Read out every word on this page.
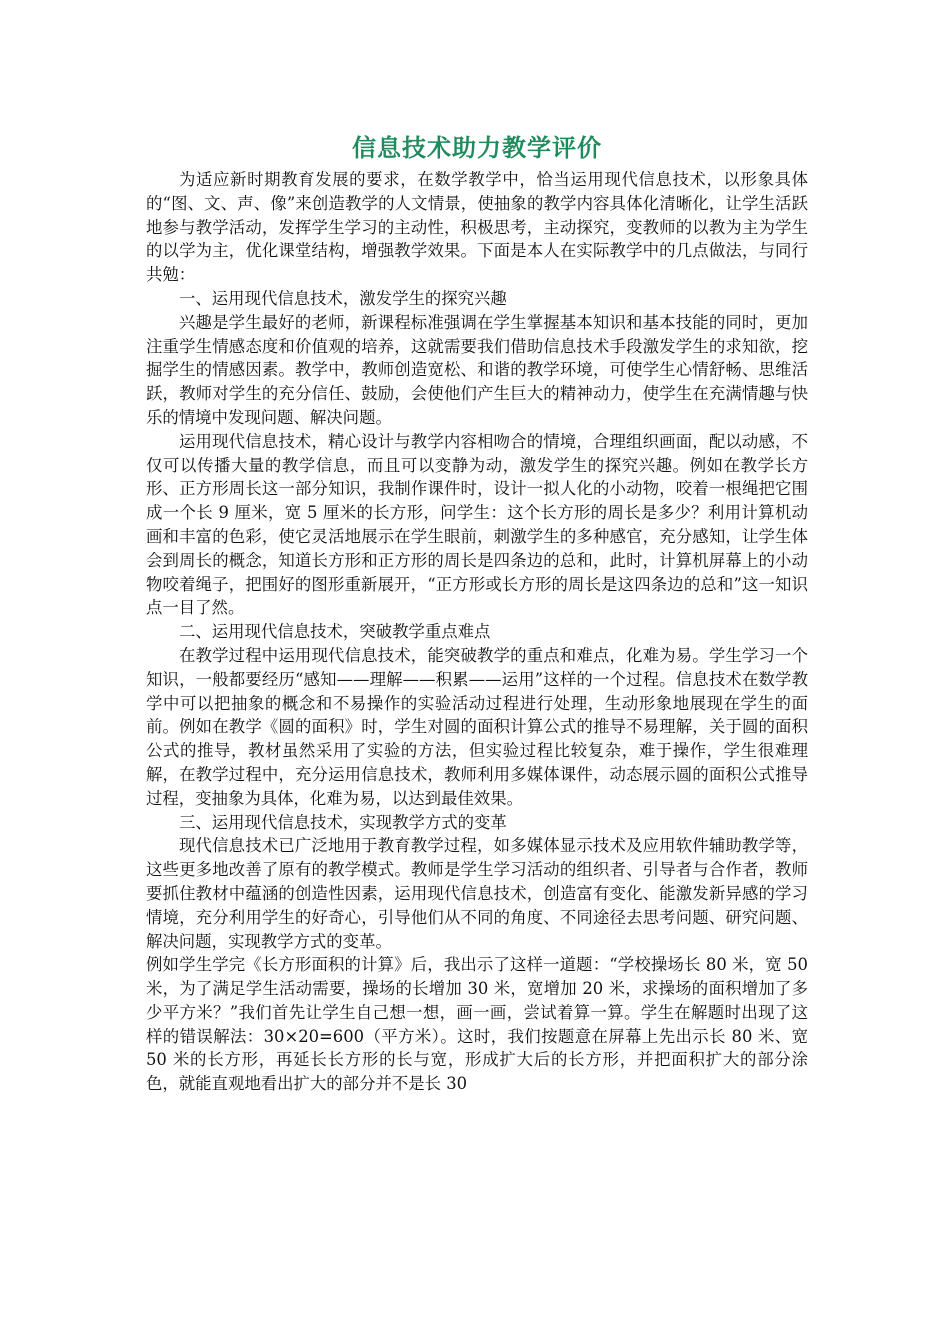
信息技术助力教学评价

为适应新时期教育发展的要求，在数学教学中，恰当运用现代信息技术，以形象具体的“图、文、声、像”来创造教学的人文情景，使抽象的教学内容具体化清晰化，让学生活跃地参与教学活动，发挥学生学习的主动性，积极思考，主动探究，变教师的以教为主为学生的以学为主，优化课堂结构，增强教学效果。下面是本人在实际教学中的几点做法，与同行共勉：

一、运用现代信息技术，激发学生的探究兴趣

兴趣是学生最好的老师，新课程标准强调在学生掌握基本知识和基本技能的同时，更加注重学生情感态度和价值观的培养，这就需要我们借助信息技术手段激发学生的求知欲，挖掘学生的情感因素。教学中，教师创造宽松、和谐的教学环境，可使学生心情舒畅、思维活跃，教师对学生的充分信任、鼓励，会使他们产生巨大的精神动力，使学生在充满情趣与快乐的情境中发现问题、解决问题。

运用现代信息技术，精心设计与教学内容相吻合的情境，合理组织画面，配以动感，不仅可以传播大量的教学信息，而且可以变静为动，激发学生的探究兴趣。例如在教学长方形、正方形周长这一部分知识，我制作课件时，设计一拟人化的小动物，咬着一根绳把它围成一个长 9 厘米，宽 5 厘米的长方形，问学生：这个长方形的周长是多少？利用计算机动画和丰富的色彩，使它灵活地展示在学生眼前，刺激学生的多种感官，充分感知，让学生体会到周长的概念，知道长方形和正方形的周长是四条边的总和，此时，计算机屏幕上的小动物咬着绳子，把围好的图形重新展开，“正方形或长方形的周长是这四条边的总和”这一知识点一目了然。

二、运用现代信息技术，突破教学重点难点

在教学过程中运用现代信息技术，能突破教学的重点和难点，化难为易。学生学习一个知识，一般都要经历“感知——理解——积累——运用”这样的一个过程。信息技术在数学教学中可以把抽象的概念和不易操作的实验活动过程进行处理，生动形象地展现在学生的面前。例如在教学《圆的面积》时，学生对圆的面积计算公式的推导不易理解，关于圆的面积公式的推导，教材虽然采用了实验的方法，但实验过程比较复杂，难于操作，学生很难理解，在教学过程中，充分运用信息技术，教师利用多媒体课件，动态展示圆的面积公式推导过程，变抽象为具体，化难为易，以达到最佳效果。

三、运用现代信息技术，实现教学方式的变革

现代信息技术已广泛地用于教育教学过程，如多媒体显示技术及应用软件辅助教学等，这些更多地改善了原有的教学模式。教师是学生学习活动的组织者、引导者与合作者，教师要抓住教材中蕴涵的创造性因素，运用现代信息技术，创造富有变化、能激发新异感的学习情境，充分利用学生的好奇心，引导他们从不同的角度、不同途径去思考问题、研究问题、解决问题，实现教学方式的变革。

例如学生学完《长方形面积的计算》后，我出示了这样一道题：“学校操场长 80 米，宽 50 米，为了满足学生活动需要，操场的长增加 30 米，宽增加 20 米，求操场的面积增加了多少平方米？”我们首先让学生自己想一想，画一画，尝试着算一算。学生在解题时出现了这样的错误解法：30×20=600（平方米）。这时，我们按题意在屏幕上先出示长 80 米、宽 50 米的长方形，再延长长方形的长与宽，形成扩大后的长方形，并把面积扩大的部分涂色，就能直观地看出扩大的部分并不是长 30
